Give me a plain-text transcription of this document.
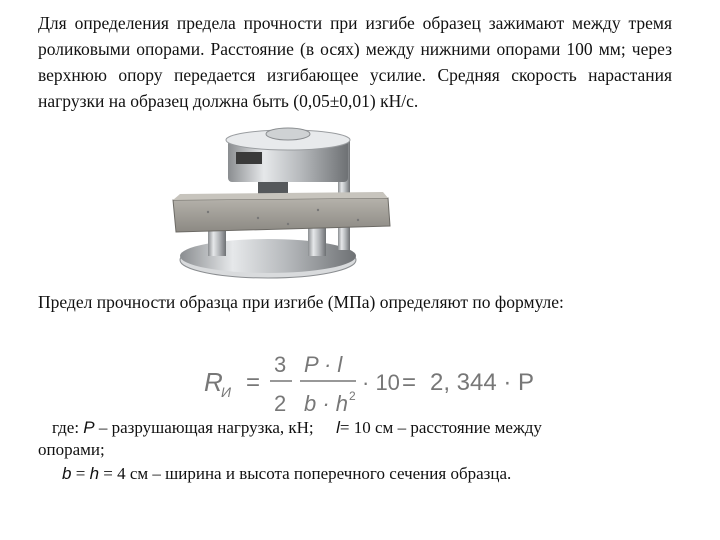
Для определения предела прочности при изгибе образец зажимают между тремя роликовыми опорами. Расстояние (в осях) между нижними опорами 100 мм; через верхнюю опору передается изгибающее усилие. Средняя скорость нарастания нагрузки на образец должна быть (0,05±0,01) кН/с.
Предел прочности образца при изгибе (МПа) определяют по формуле:
R
И =
3
2
P · l
b · h 2
· 10 = 2, 344 · P
где: P – разрушающая нагрузка, кН; l= 10 см – расстояние между
опорами;
b = h = 4 см – ширина и высота поперечного сечения образца.
